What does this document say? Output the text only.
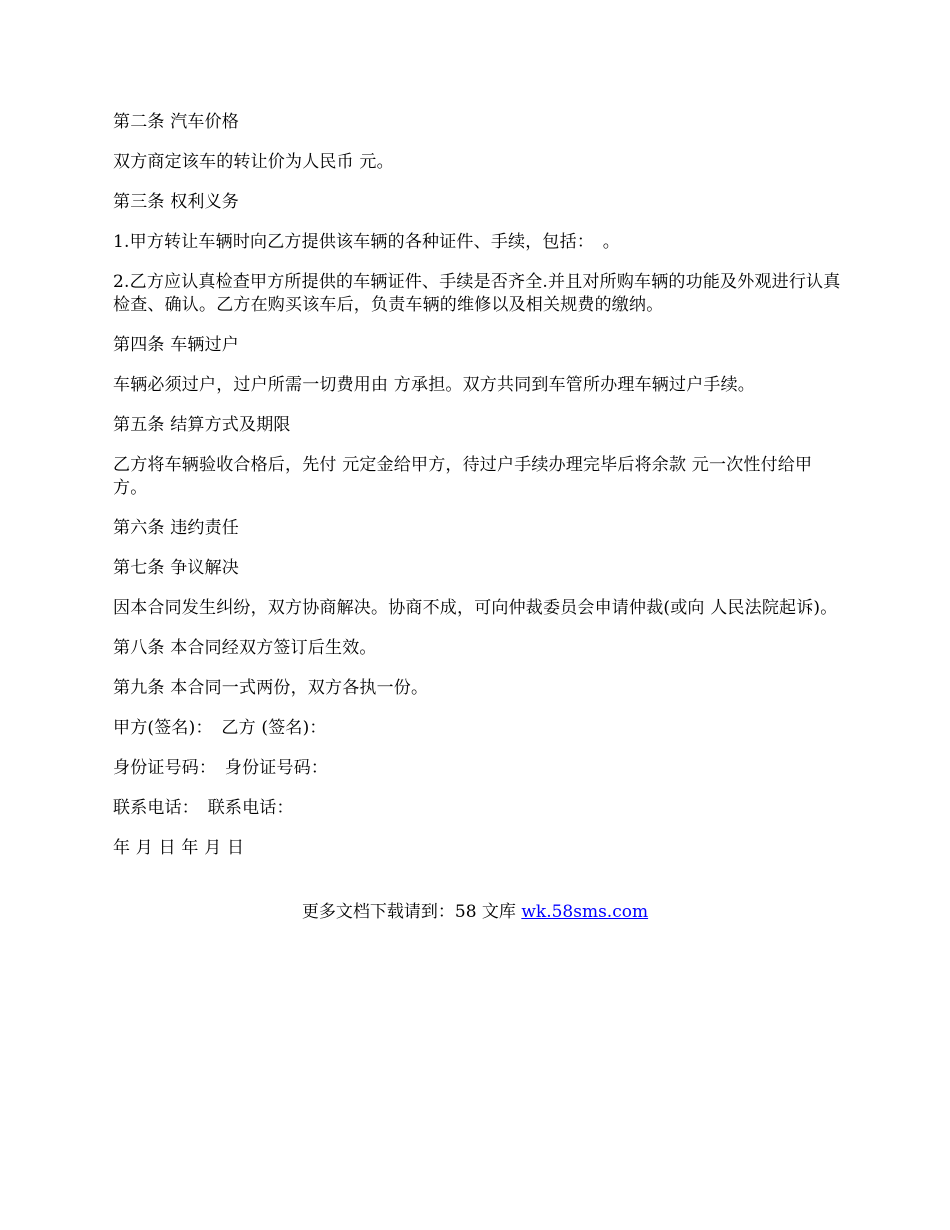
第二条 汽车价格

双方商定该车的转让价为人民币 元。

第三条 权利义务

1.甲方转让车辆时向乙方提供该车辆的各种证件、手续，包括：　。

2.乙方应认真检查甲方所提供的车辆证件、手续是否齐全.并且对所购车辆的功能及外观进行认真检查、确认。乙方在购买该车后，负责车辆的维修以及相关规费的缴纳。

第四条 车辆过户

车辆必须过户，过户所需一切费用由 方承担。双方共同到车管所办理车辆过户手续。

第五条 结算方式及期限

乙方将车辆验收合格后，先付 元定金给甲方，待过户手续办理完毕后将余款 元一次性付给甲方。

第六条 违约责任

第七条 争议解决

因本合同发生纠纷，双方协商解决。协商不成，可向仲裁委员会申请仲裁(或向 人民法院起诉)。

第八条 本合同经双方签订后生效。

第九条 本合同一式两份，双方各执一份。

甲方(签名)：　乙方 (签名)：

身份证号码：　身份证号码：

联系电话：　联系电话：

年 月 日 年 月 日

更多文档下载请到：58 文库 wk.58sms.com
